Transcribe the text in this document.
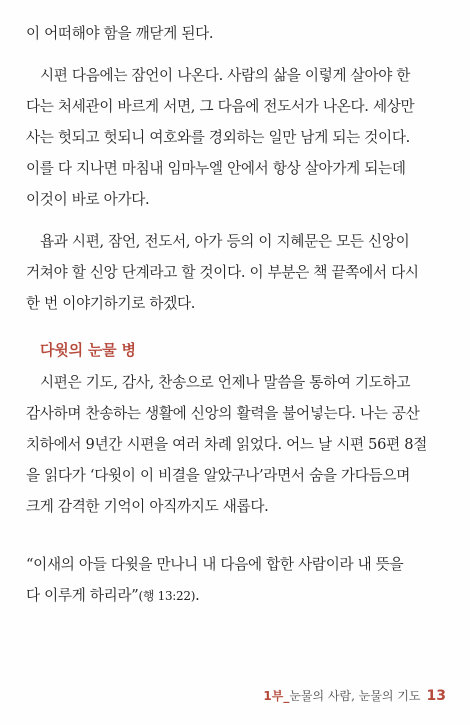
이 어떠해야 함을 깨닫게 된다.
시편 다음에는 잠언이 나온다. 사람의 삶을 이렇게 살아야 한
다는 처세관이 바르게 서면, 그 다음에 전도서가 나온다. 세상만
사는 헛되고 헛되니 여호와를 경외하는 일만 남게 되는 것이다.
이를 다 지나면 마침내 임마누엘 안에서 항상 살아가게 되는데
이것이 바로 아가다.
욥과 시편, 잠언, 전도서, 아가 등의 이 지혜문은 모든 신앙이
거쳐야 할 신앙 단계라고 할 것이다. 이 부분은 책 끝쪽에서 다시
한 번 이야기하기로 하겠다.
다윗의 눈물 병
시편은 기도, 감사, 찬송으로 언제나 말씀을 통하여 기도하고
감사하며 찬송하는 생활에 신앙의 활력을 불어넣는다. 나는 공산
치하에서 9년간 시편을 여러 차례 읽었다. 어느 날 시편 56편 8절
을 읽다가 ‘다윗이 이 비결을 알았구나’라면서 숨을 가다듬으며
크게 감격한 기억이 아직까지도 새롭다.
“이새의 아들 다윗을 만나니 내 다음에 합한 사람이라 내 뜻을
다 이루게 하리라”(행 13:22).
1부_눈물의 사람, 눈물의 기도 13
